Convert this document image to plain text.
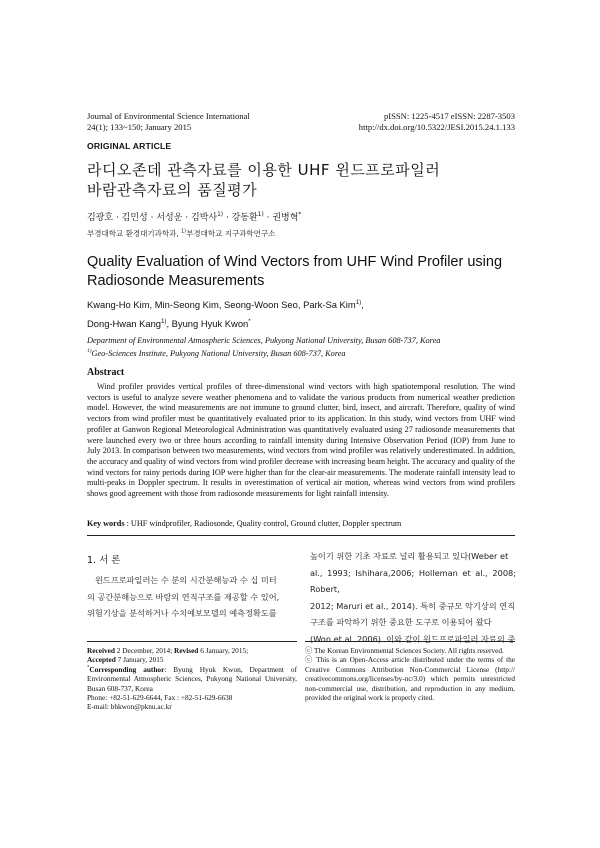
Journal of Environmental Science International
24(1); 133~150; January 2015
pISSN: 1225-4517 eISSN: 2287-3503
http://dx.doi.org/10.5322/JESI.2015.24.1.133
ORIGINAL ARTICLE
라디오존데 관측자료를 이용한 UHF 윈드프로파일러
바람관측자료의 품질평가
김광호 · 김민성 · 서성운 · 김박사$^{1)}$ · 강동환$^{1)}$ · 권병혁*
부경대학교 환경대기과학과, $^{1)}$부경대학교 지구과학연구소
Quality Evaluation of Wind Vectors from UHF Wind Profiler using
Radiosonde Measurements
Kwang-Ho Kim, Min-Seong Kim, Seong-Woon Seo, Park-Sa Kim$^{1)}$,
Dong-Hwan Kang$^{1)}$, Byung Hyuk Kwon*
Department of Environmental Atmospheric Sciences, Pukyong National University, Busan 608-737, Korea
$^{1)}$Geo-Sciences Institute, Pukyong National University, Busan 608-737, Korea
Abstract
Wind profiler provides vertical profiles of three-dimensional wind vectors with high spatiotemporal resolution. The wind vectors is useful to analyze severe weather phenomena and to validate the various products from numerical weather prediction model. However, the wind measurements are not immune to ground clutter, bird, insect, and aircraft. Therefore, quality of wind vectors from wind profiler must be quantitatively evaluated prior to its application. In this study, wind vectors from UHF wind profiler at Ganwon Regional Meteorological Administration was quantitatively evaluated using 27 radiosonde measurements that were launched every two or three hours according to rainfall intensity during Intensive Observation Period (IOP) from June to July 2013. In comparison between two measurements, wind vectors from wind profiler was relatively underestimated. In addition, the accuracy and quality of wind vectors from wind profiler decrease with increasing beam height. The accuracy and quality of the wind vectors for rainy periods during IOP were higher than for the clear-air measurements. The moderate rainfall intensity lead to multi-peaks in Doppler spectrum. It results in overestimation of vertical air motion, whereas wind vectors from wind profilers shows good agreement with those from radiosonde measurements for light rainfall intensity.
Key words : UHF windprofiler, Radiosonde, Quality control, Ground clutter, Doppler spectrum
1. 서 론
윈드프로파일러는 수 분의 시간분해능과 수 십 미터
의 공간분해능으로 바람의 연직구조를 제공할 수 있어,
위험기상을 분석하거나 수치예보모델의 예측정확도를
높이기 위한 기초 자료로 널리 활용되고 있다(Weber et
al., 1993; Ishihara,2006; Holleman et al., 2008; Robert,
2012; Maruri et al., 2014). 특히 중규모 악기상의 연직
구조를 파악하기 위한 중요한 도구로 이용되어 왔다
(Won et al. 2006). 이와 같이 윈드프로파일러 자료의 중
Received 2 December, 2014; Revised 6 January, 2015;
Accepted 7 January, 2015
*Corresponding author: Byung Hyuk Kwon, Department of Environmental Atmospheric Sciences, Pukyong National University, Busan 608-737, Korea
Phone: +82-51-629-6644, Fax : +82-51-629-6638
E-mail: bhkwon@pknu.ac.kr
ⓒ The Korean Environmental Sciences Society. All rights reserved.
ⓒ This is an Open-Access article distributed under the terms of the Creative Commons Attribution Non-Commercial License (http:// creativecommons.org/licenses/by-nc/3.0) which permits unrestricted non-commercial use, distribution, and reproduction in any medium, provided the original work is properly cited.
